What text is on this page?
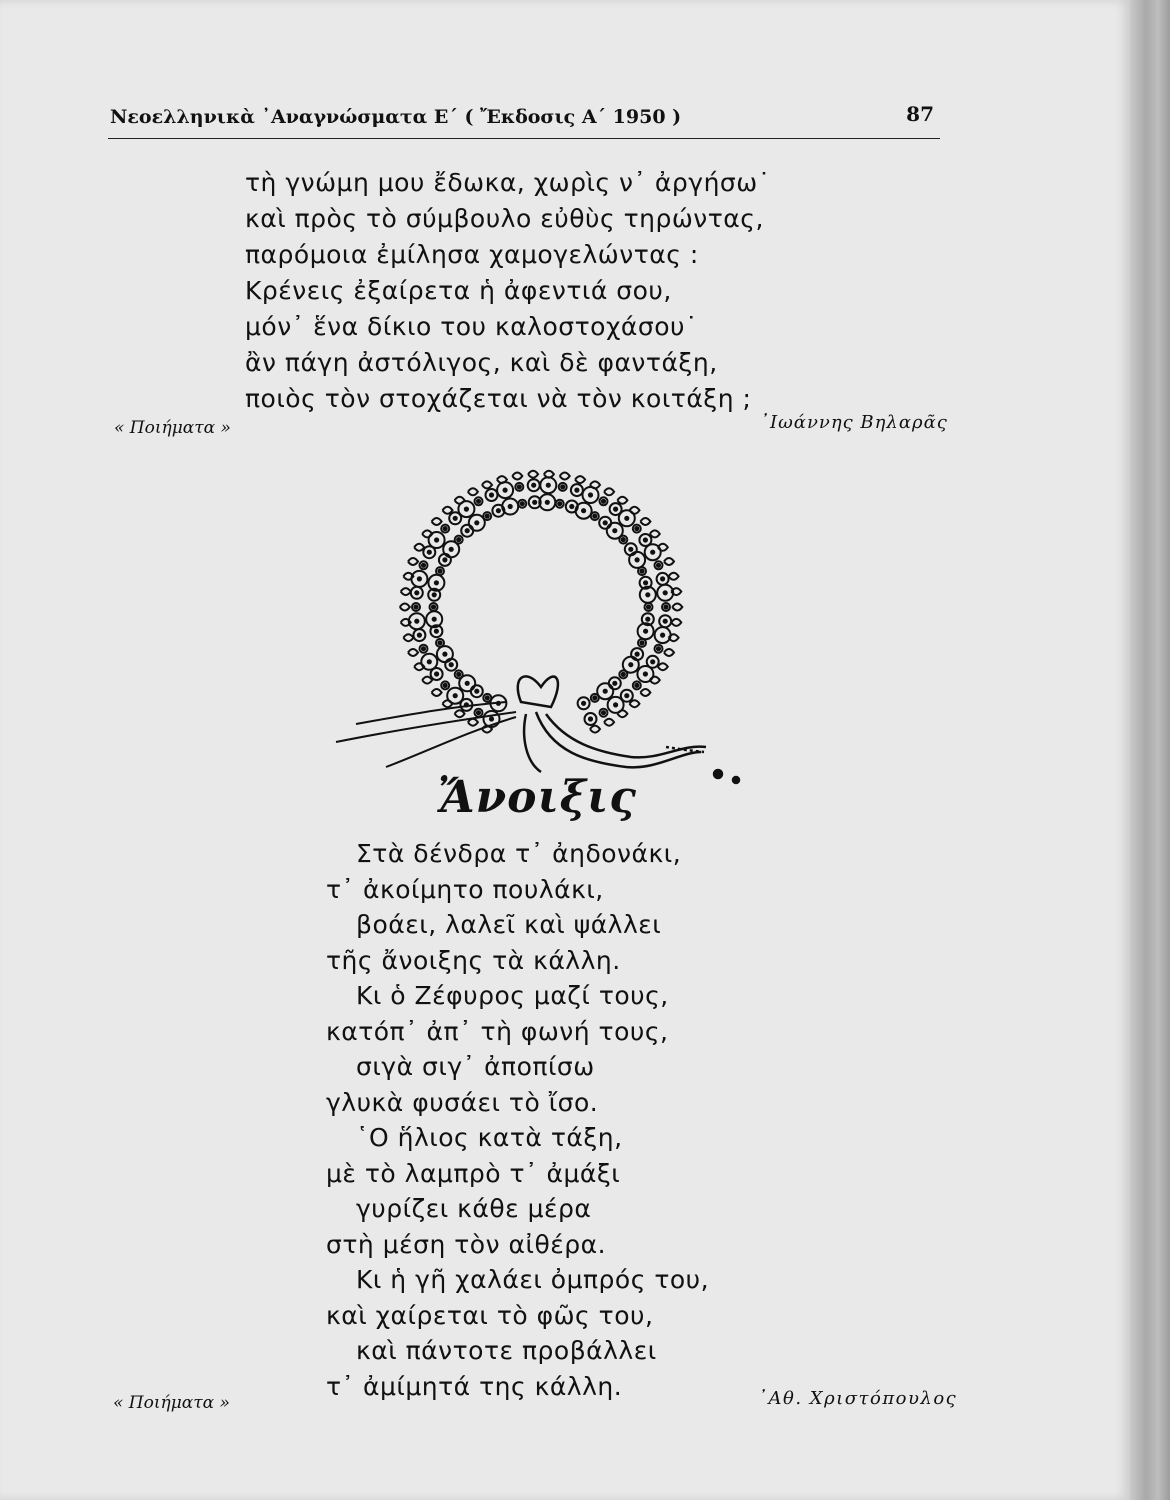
Νεοελληνικὰ ᾿Αναγνώσματα Ε΄ ( Ἔκδοσις Α΄ 1950 )	87
τὴ γνώμη μου ἔδωκα, χωρὶς ν᾿ ἀργήσω˙
καὶ πρὸς τὸ σύμβουλο εὐθὺς τηρώντας,
παρόμοια ἐμίλησα χαμογελώντας :
Κρένεις ἐξαίρετα ἡ ἀφεντιά σου,
μόν᾿ ἕνα δίκιο του καλοστοχάσου˙
ἂν πάγη ἀστόλιγος, καὶ δὲ φαντάξη,
ποιὸς τὸν στοχάζεται νὰ τὸν κοιτάξη ;
« Ποιήματα »	᾿Ιωάννης Βηλαρᾶς
Ἄνοιξις
Στὰ δένδρα τ᾿ ἀηδονάκι,
τ᾿ ἀκοίμητο πουλάκι,
βοάει, λαλεῖ καὶ ψάλλει
τῆς ἄνοιξης τὰ κάλλη.
Κι ὁ Ζέφυρος μαζί τους,
κατόπ᾿ ἀπ᾿ τὴ φωνή τους,
σιγὰ σιγ᾿ ἀποπίσω
γλυκὰ φυσάει τὸ ἴσο.
῾Ο ἥλιος κατὰ τάξη,
μὲ τὸ λαμπρὸ τ᾿ ἀμάξι
γυρίζει κάθε μέρα
στὴ μέση τὸν αἰθέρα.
Κι ἡ γῆ χαλάει ὀμπρός του,
καὶ χαίρεται τὸ φῶς του,
καὶ πάντοτε προβάλλει
τ᾿ ἀμίμητά της κάλλη.
« Ποιήματα »	᾿Αθ. Χριστόπουλος
